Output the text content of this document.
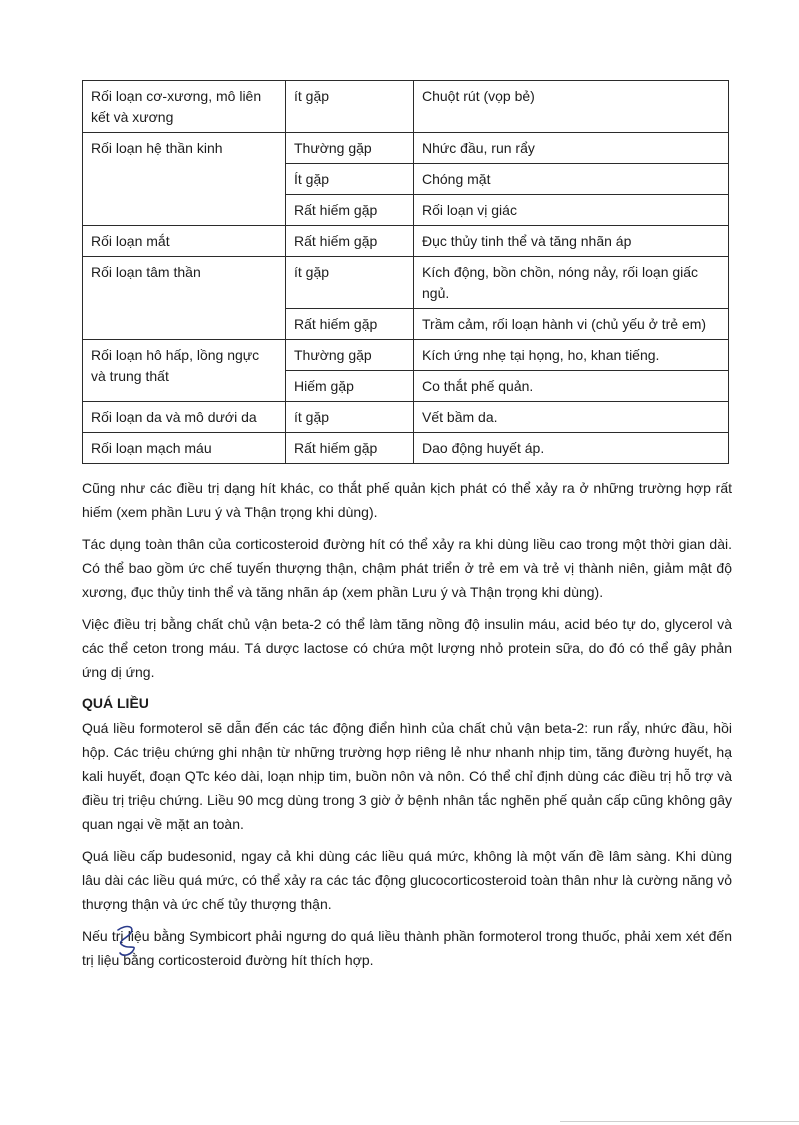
Rối loạn cơ-xương, mô liên kết và xương	ít gặp	Chuột rút (vọp bẻ)
Rối loạn hệ thần kinh	Thường gặp	Nhức đầu, run rẩy
	Ít gặp	Chóng mặt
	Rất hiếm gặp	Rối loạn vị giác
Rối loạn mắt	Rất hiếm gặp	Đục thủy tinh thể và tăng nhãn áp
Rối loạn tâm thần	ít gặp	Kích động, bồn chồn, nóng nảy, rối loạn giấc ngủ.
	Rất hiếm gặp	Trầm cảm, rối loạn hành vi (chủ yếu ở trẻ em)
Rối loạn hô hấp, lồng ngực và trung thất	Thường gặp	Kích ứng nhẹ tại họng, ho, khan tiếng.
	Hiếm gặp	Co thắt phế quản.
Rối loạn da và mô dưới da	ít gặp	Vết bầm da.
Rối loạn mạch máu	Rất hiếm gặp	Dao động huyết áp.

Cũng như các điều trị dạng hít khác, co thắt phế quản kịch phát có thể xảy ra ở những trường hợp rất hiếm (xem phần Lưu ý và Thận trọng khi dùng).

Tác dụng toàn thân của corticosteroid đường hít có thể xảy ra khi dùng liều cao trong một thời gian dài. Có thể bao gồm ức chế tuyến thượng thận, chậm phát triển ở trẻ em và trẻ vị thành niên, giảm mật độ xương, đục thủy tinh thể và tăng nhãn áp (xem phần Lưu ý và Thận trọng khi dùng).

Việc điều trị bằng chất chủ vận beta-2 có thể làm tăng nồng độ insulin máu, acid béo tự do, glycerol và các thể ceton trong máu. Tá dược lactose có chứa một lượng nhỏ protein sữa, do đó có thể gây phản ứng dị ứng.

QUÁ LIỀU

Quá liều formoterol sẽ dẫn đến các tác động điển hình của chất chủ vận beta-2: run rẩy, nhức đầu, hồi hộp. Các triệu chứng ghi nhận từ những trường hợp riêng lẻ như nhanh nhịp tim, tăng đường huyết, hạ kali huyết, đoạn QTc kéo dài, loạn nhịp tim, buồn nôn và nôn. Có thể chỉ định dùng các điều trị hỗ trợ và điều trị triệu chứng. Liều 90 mcg dùng trong 3 giờ ở bệnh nhân tắc nghẽn phế quản cấp cũng không gây quan ngại về mặt an toàn.

Quá liều cấp budesonid, ngay cả khi dùng các liều quá mức, không là một vấn đề lâm sàng. Khi dùng lâu dài các liều quá mức, có thể xảy ra các tác động glucocorticosteroid toàn thân như là cường năng vỏ thượng thận và ức chế tủy thượng thận.

Nếu trị liệu bằng Symbicort phải ngưng do quá liều thành phần formoterol trong thuốc, phải xem xét đến trị liệu bằng corticosteroid đường hít thích hợp.
